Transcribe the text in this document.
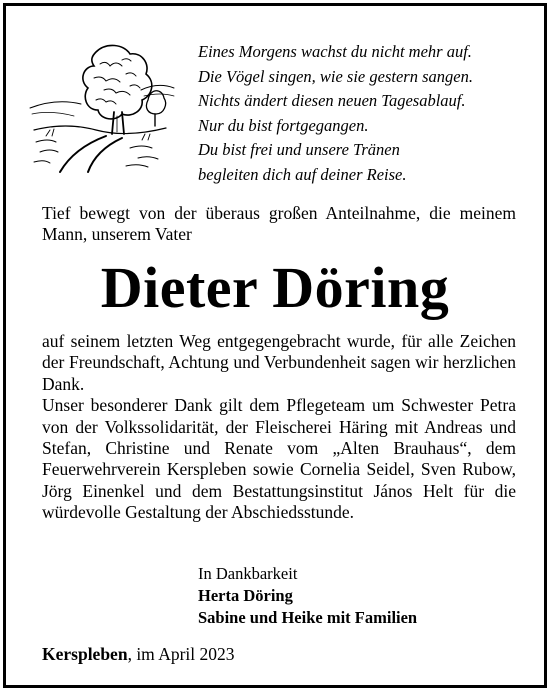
Eines Morgens wachst du nicht mehr auf.
Die Vögel singen, wie sie gestern sangen.
Nichts ändert diesen neuen Tagesablauf.
Nur du bist fortgegangen.
Du bist frei und unsere Tränen
begleiten dich auf deiner Reise.
Tief bewegt von der überaus großen Anteilnahme, die meinem Mann, unserem Vater
Dieter Döring
auf seinem letzten Weg entgegengebracht wurde, für alle Zeichen der Freundschaft, Achtung und Verbundenheit sagen wir herzlichen Dank.
Unser besonderer Dank gilt dem Pflegeteam um Schwester Petra von der Volkssolidarität, der Fleischerei Häring mit Andreas und Stefan, Christine und Renate vom „Alten Brauhaus“, dem Feuerwehrverein Kerspleben sowie Cornelia Seidel, Sven Rubow, Jörg Einenkel und dem Bestattungsinstitut János Helt für die würdevolle Gestaltung der Abschiedsstunde.
In Dankbarkeit
Herta Döring
Sabine und Heike mit Familien
Kerspleben, im April 2023
